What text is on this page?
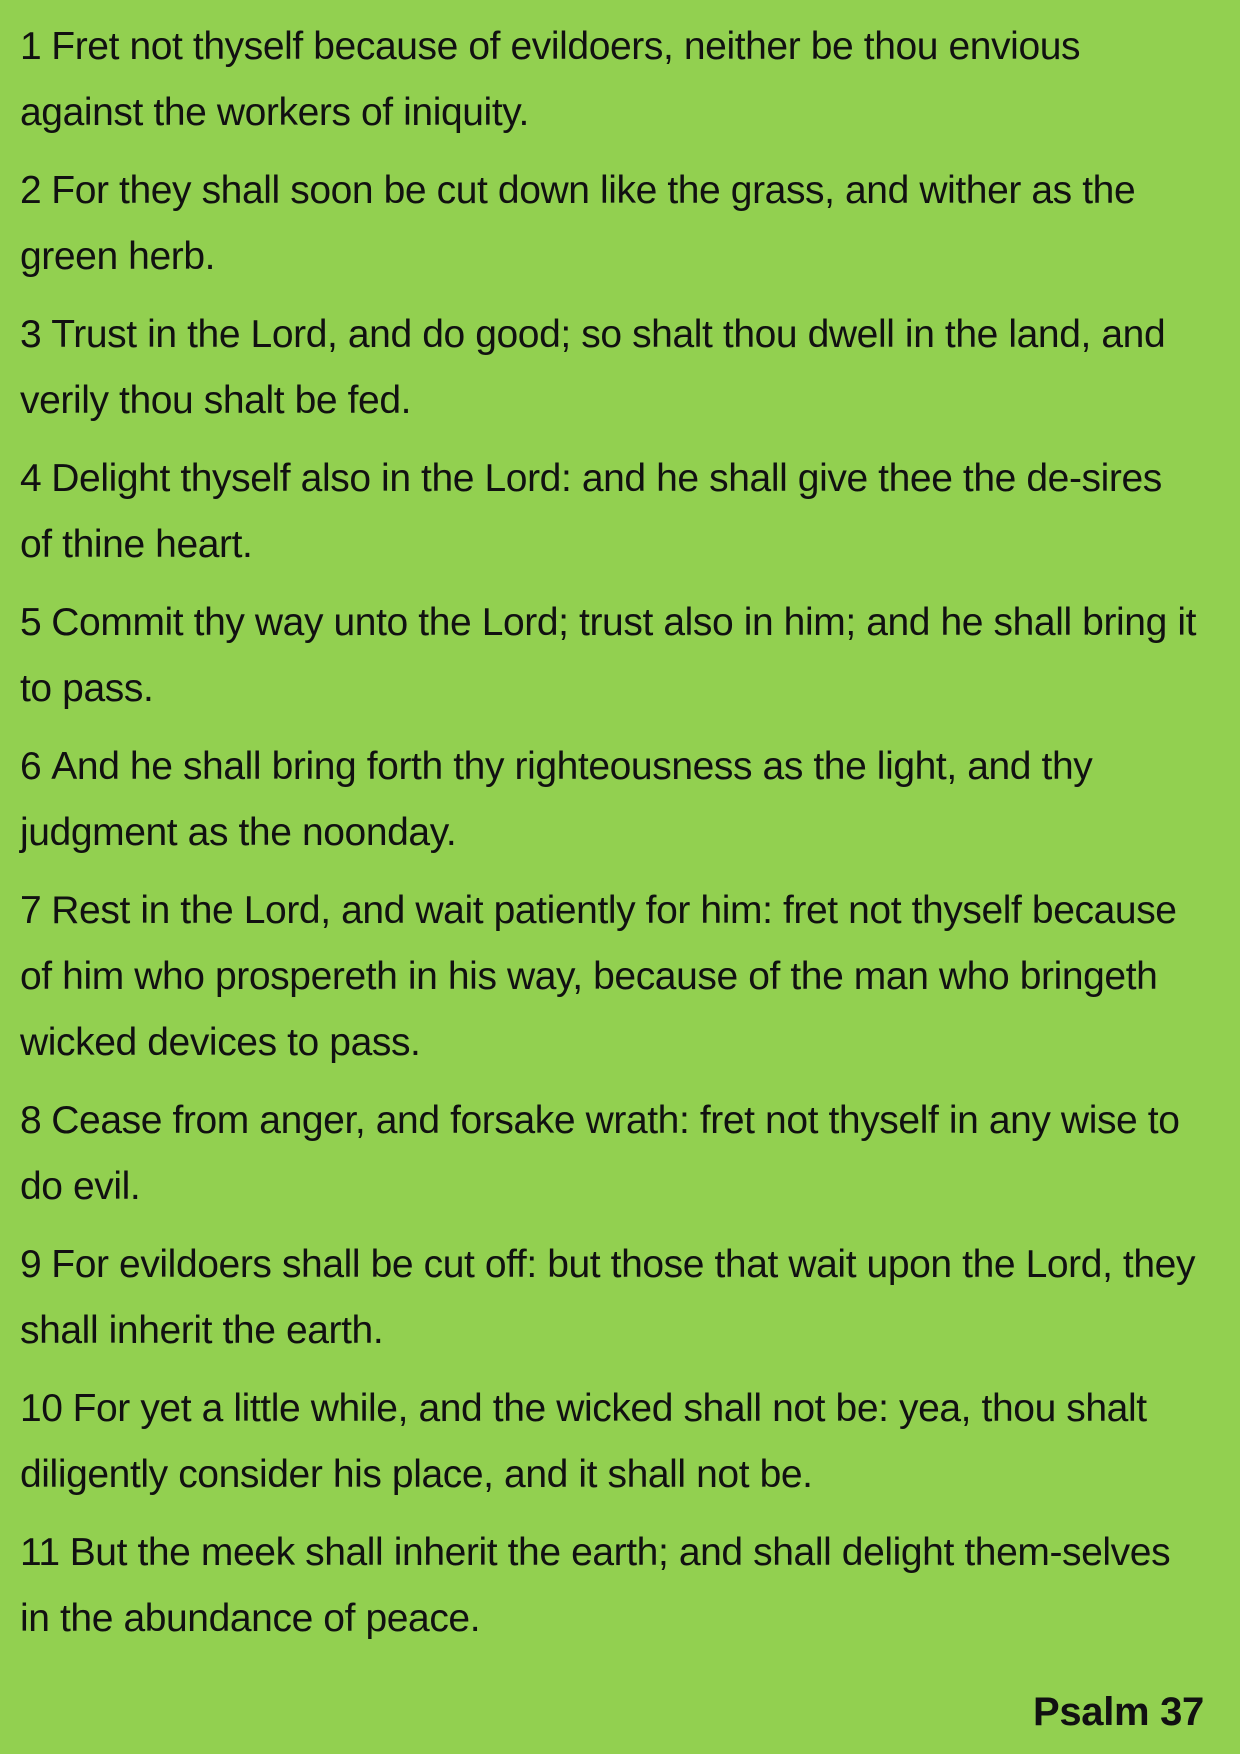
1 Fret not thyself because of evildoers, neither be thou envious against the workers of iniquity.

2 For they shall soon be cut down like the grass, and wither as the green herb.

3 Trust in the Lord, and do good; so shalt thou dwell in the land, and verily thou shalt be fed.

4 Delight thyself also in the Lord: and he shall give thee the de-sires of thine heart.

5 Commit thy way unto the Lord; trust also in him; and he shall bring it to pass.

6 And he shall bring forth thy righteousness as the light, and thy judgment as the noonday.

7 Rest in the Lord, and wait patiently for him: fret not thyself because of him who prospereth in his way, because of the man who bringeth wicked devices to pass.

8 Cease from anger, and forsake wrath: fret not thyself in any wise to do evil.

9 For evildoers shall be cut off: but those that wait upon the Lord, they shall inherit the earth.

10 For yet a little while, and the wicked shall not be: yea, thou shalt diligently consider his place, and it shall not be.

11 But the meek shall inherit the earth; and shall delight them-selves in the abundance of peace.

Psalm 37
